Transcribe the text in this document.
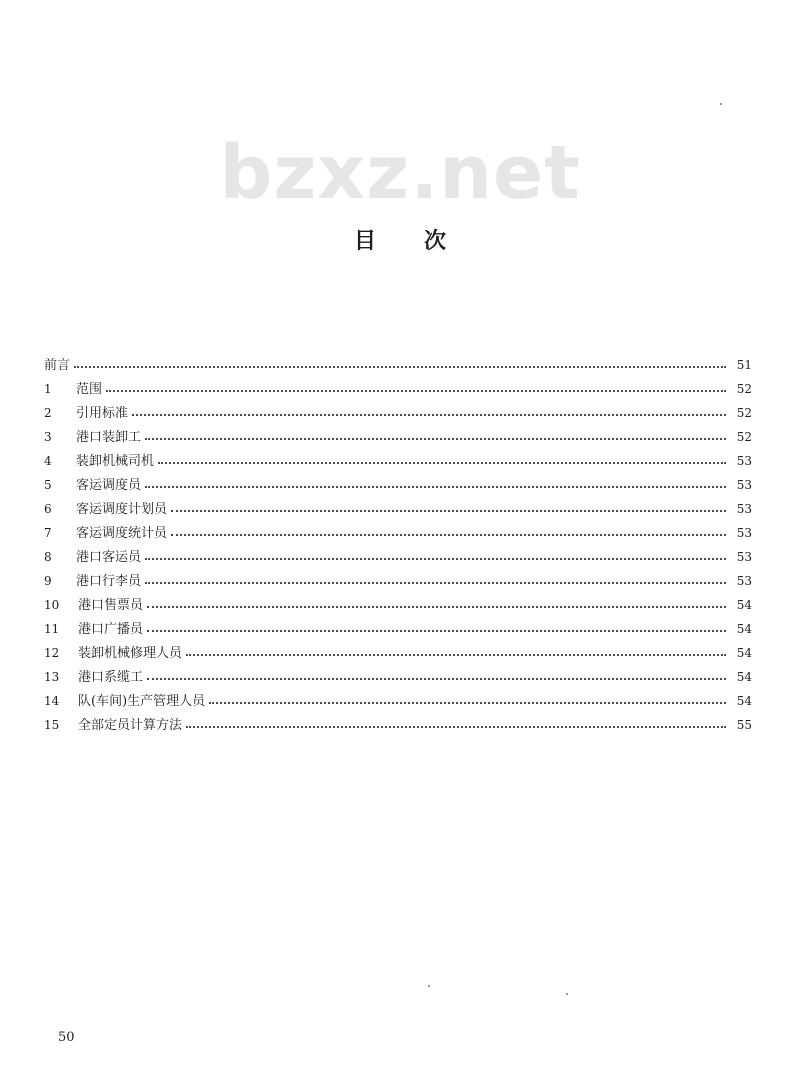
bzxz.net
目 次
前言	51
1	范围	52
2	引用标准	52
3	港口装卸工	52
4	装卸机械司机	53
5	客运调度员	53
6	客运调度计划员	53
7	客运调度统计员	53
8	港口客运员	53
9	港口行李员	53
10	港口售票员	54
11	港口广播员	54
12	装卸机械修理人员	54
13	港口系缆工	54
14	队(车间)生产管理人员	54
15	全部定员计算方法	55
50
